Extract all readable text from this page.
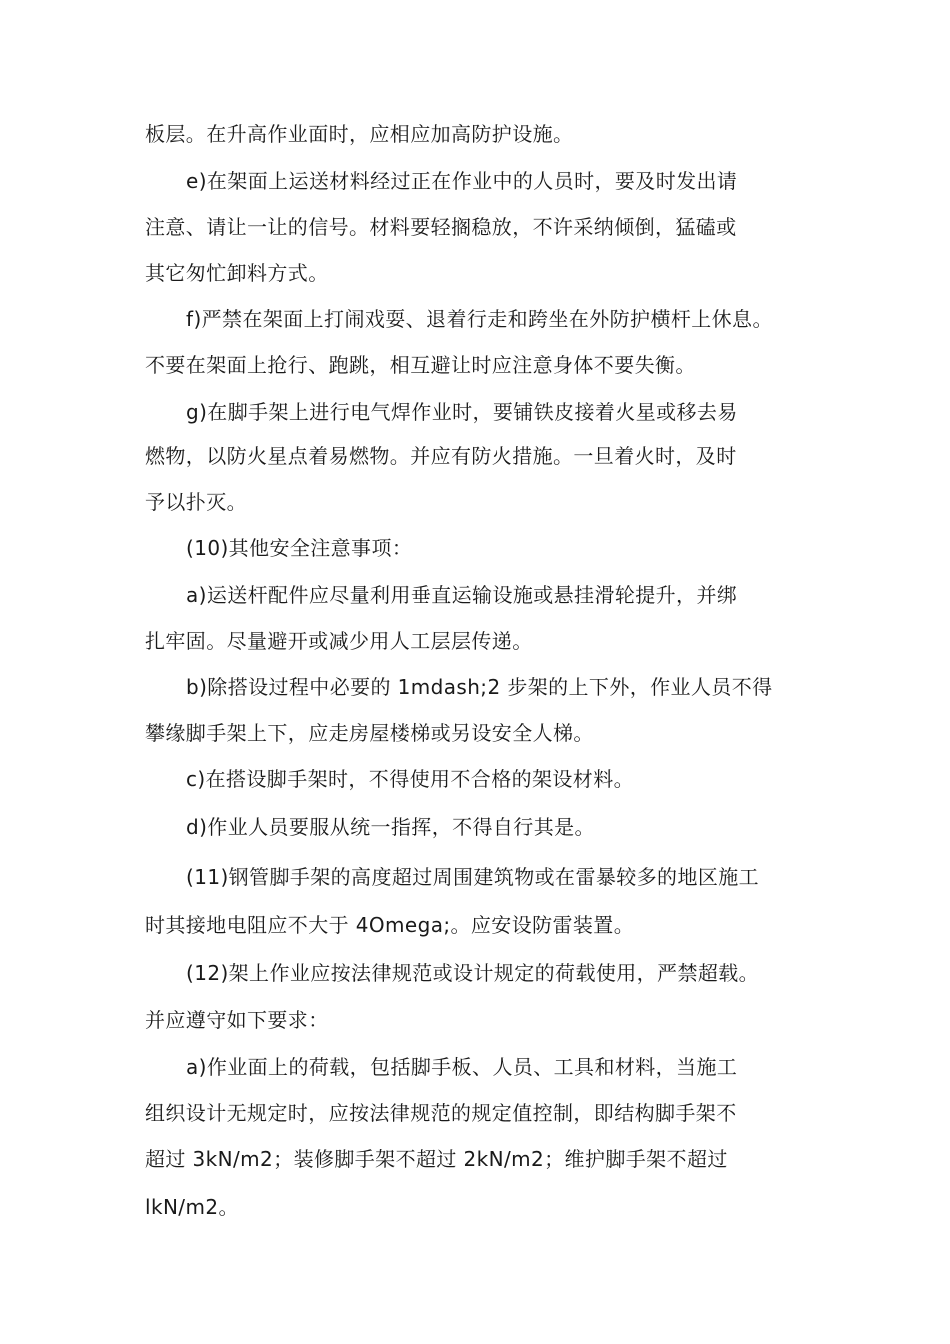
板层。在升高作业面时，应相应加高防护设施。
e)在架面上运送材料经过正在作业中的人员时，要及时发出请
注意、请让一让的信号。材料要轻搁稳放，不许采纳倾倒，猛磕或
其它匆忙卸料方式。
f)严禁在架面上打闹戏耍、退着行走和跨坐在外防护横杆上休息。
不要在架面上抢行、跑跳，相互避让时应注意身体不要失衡。
g)在脚手架上进行电气焊作业时，要铺铁皮接着火星或移去易
燃物，以防火星点着易燃物。并应有防火措施。一旦着火时，及时
予以扑灭。
(10)其他安全注意事项：
a)运送杆配件应尽量利用垂直运输设施或悬挂滑轮提升，并绑
扎牢固。尽量避开或减少用人工层层传递。
b)除搭设过程中必要的 1mdash;2 步架的上下外，作业人员不得
攀缘脚手架上下，应走房屋楼梯或另设安全人梯。
c)在搭设脚手架时，不得使用不合格的架设材料。
d)作业人员要服从统一指挥，不得自行其是。
(11)钢管脚手架的高度超过周围建筑物或在雷暴较多的地区施工
时其接地电阻应不大于 4Omega;。应安设防雷装置。
(12)架上作业应按法律规范或设计规定的荷载使用，严禁超载。
并应遵守如下要求：
a)作业面上的荷载，包括脚手板、人员、工具和材料，当施工
组织设计无规定时，应按法律规范的规定值控制，即结构脚手架不
超过 3kN/m2；装修脚手架不超过 2kN/m2；维护脚手架不超过
lkN/m2。
